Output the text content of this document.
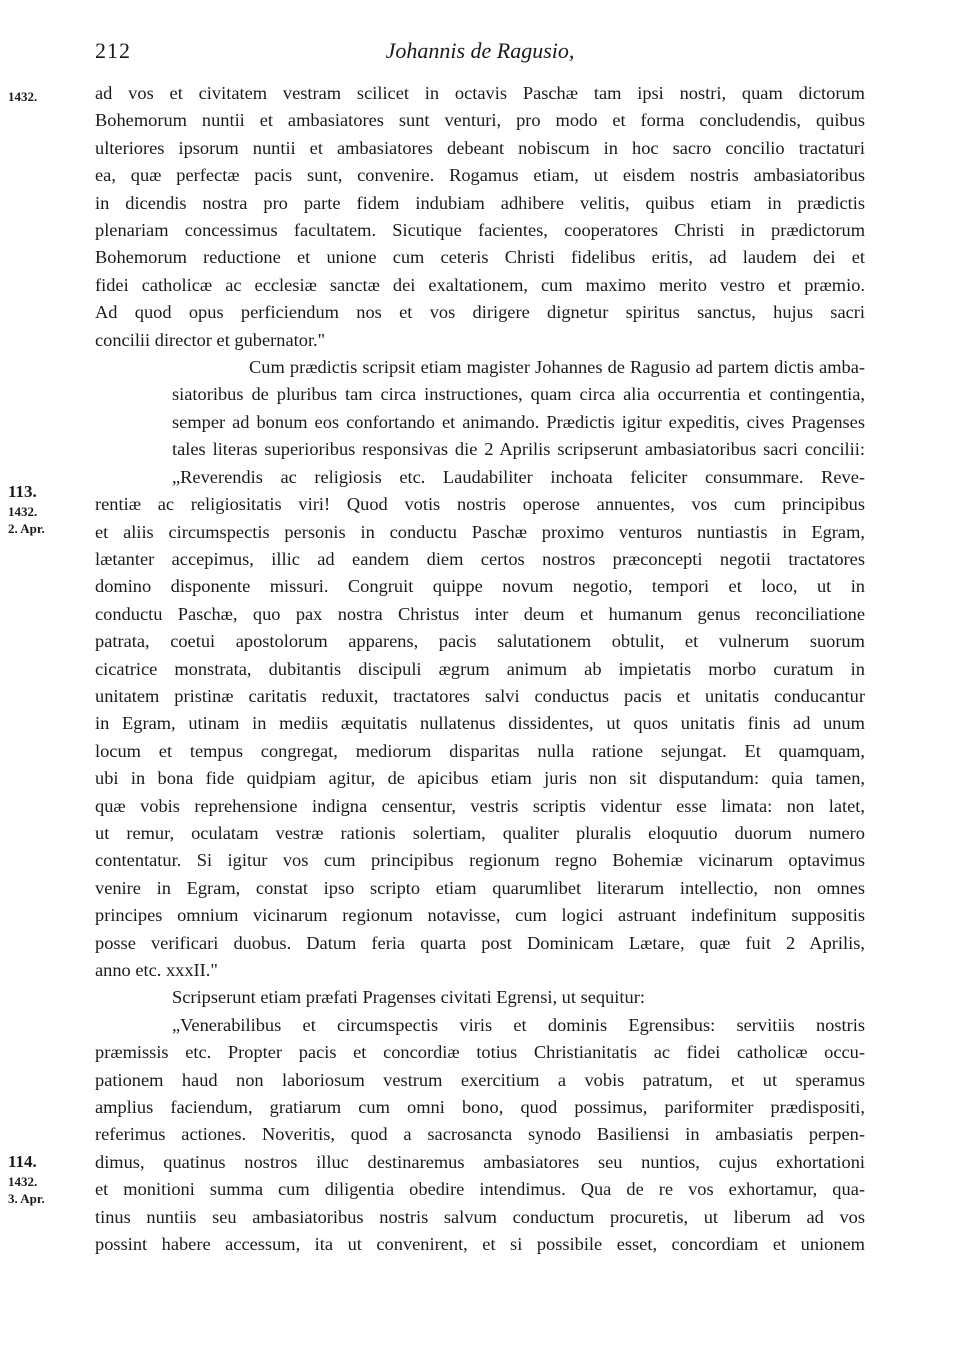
212	Johannis de Ragusio,
1432.
113.
1432.
2. Apr.
114.
1432.
3. Apr.

ad vos et civitatem vestram scilicet in octavis Paschæ tam ipsi nostri, quam dictorum
Bohemorum nuntii et ambasiatores sunt venturi, pro modo et forma concludendis, quibus
ulteriores ipsorum nuntii et ambasiatores debeant nobiscum in hoc sacro concilio tractaturi
ea, quæ perfectæ pacis sunt, convenire. Rogamus etiam, ut eisdem nostris ambasiatoribus
in dicendis nostra pro parte fidem indubiam adhibere velitis, quibus etiam in prædictis
plenariam concessimus facultatem. Sicutique facientes, cooperatores Christi in prædictorum
Bohemorum reductione et unione cum ceteris Christi fidelibus eritis, ad laudem dei et
fidei catholicæ ac ecclesiæ sanctæ dei exaltationem, cum maximo merito vestro et præmio.
Ad quod opus perficiendum nos et vos dirigere dignetur spiritus sanctus, hujus sacri
concilii director et gubernator."

Cum prædictis scripsit etiam magister Johannes de Ragusio ad partem dictis amba-
siatoribus de pluribus tam circa instructiones, quam circa alia occurrentia et contingentia,
semper ad bonum eos confortando et animando. Prædictis igitur expeditis, cives Pragenses
tales literas superioribus responsivas die 2 Aprilis scripserunt ambasiatoribus sacri concilii:

„Reverendis ac religiosis etc. Laudabiliter inchoata feliciter consummare. Reve-
rentiæ ac religiositatis viri! Quod votis nostris operose annuentes, vos cum principibus
et aliis circumspectis personis in conductu Paschæ proximo venturos nuntiastis in Egram,
lætanter accepimus, illic ad eandem diem certos nostros præconcepti negotii tractatores
domino disponente missuri. Congruit quippe novum negotio, tempori et loco, ut in
conductu Paschæ, quo pax nostra Christus inter deum et humanum genus reconciliatione
patrata, coetui apostolorum apparens, pacis salutationem obtulit, et vulnerum suorum
cicatrice monstrata, dubitantis discipuli ægrum animum ab impietatis morbo curatum in
unitatem pristinæ caritatis reduxit, tractatores salvi conductus pacis et unitatis conducantur
in Egram, utinam in mediis æquitatis nullatenus dissidentes, ut quos unitatis finis ad unum
locum et tempus congregat, mediorum disparitas nulla ratione sejungat. Et quamquam,
ubi in bona fide quidpiam agitur, de apicibus etiam juris non sit disputandum: quia tamen,
quæ vobis reprehensione indigna censentur, vestris scriptis videntur esse limata: non latet,
ut remur, oculatam vestræ rationis solertiam, qualiter pluralis eloquutio duorum numero
contentatur. Si igitur vos cum principibus regionum regno Bohemiæ vicinarum optavimus
venire in Egram, constat ipso scripto etiam quarumlibet literarum intellectio, non omnes
principes omnium vicinarum regionum notavisse, cum logici astruant indefinitum suppositis
posse verificari duobus. Datum feria quarta post Dominicam Lætare, quæ fuit 2 Aprilis,
anno etc. xxxII."

Scripserunt etiam præfati Pragenses civitati Egrensi, ut sequitur:

„Venerabilibus et circumspectis viris et dominis Egrensibus: servitiis nostris
præmissis etc. Propter pacis et concordiæ totius Christianitatis ac fidei catholicæ occu-
pationem haud non laboriosum vestrum exercitium a vobis patratum, et ut speramus
amplius faciendum, gratiarum cum omni bono, quod possimus, pariformiter prædispositi,
referimus actiones. Noveritis, quod a sacrosancta synodo Basiliensi in ambasiatis perpen-
dimus, quatinus nostros illuc destinaremus ambasiatores seu nuntios, cujus exhortationi
et monitioni summa cum diligentia obedire intendimus. Qua de re vos exhortamur, qua-
tinus nuntiis seu ambasiatoribus nostris salvum conductum procuretis, ut liberum ad vos
possint habere accessum, ita ut convenirent, et si possibile esset, concordiam et unionem
